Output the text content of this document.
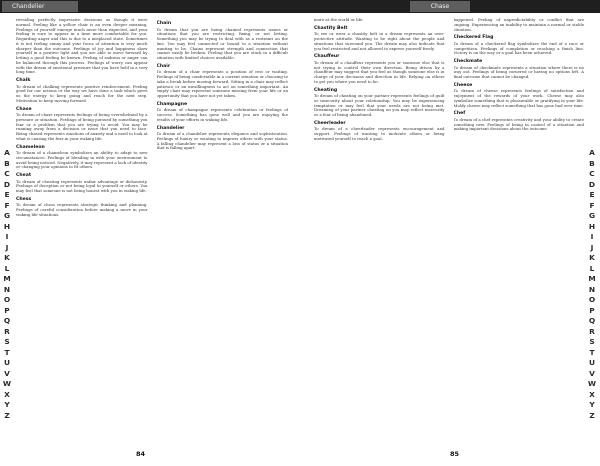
Chandelier

revealing perfectly impressive decisions as though it were normal. Feeling like a yellow chair is an even deeper meaning. Feelings of yourself emerge much more than expected, and your feeling is sure to appear in a time more comfortable for you. Regarding anger and this is due to a misplaced state. Sometimes it is not feeling sunny and your focus of attention is very much sharper than the outcome. Feelings of joy and happiness show yourself in a positive light and you are able to move forward by letting a good feeling be known. Feeling of sadness or anger can be balanced through this process. Feelings of worry can appear with the dream of emotional pressure that you have held in a very long time.

Chalk

To dream of chalking represents positive reinforcement. Feeling good for our actions or the way we have done a task which gives us the energy to keep going and reach for the next step. Motivation to keep moving forward.

Chase

To dream of chase represents feelings of being overwhelmed by a pressure or situation. Feelings of being pursued by something you fear or a problem that you are trying to avoid. You may be running away from a decision or issue that you need to face. Being chased represents emotions of anxiety and a need to look at what is causing the fear in your waking life.

Chameleon

To dream of a chameleon symbolizes an ability to adapt to new circumstances. Feelings of blending in with your environment to avoid being noticed. Negatively, it may represent a lack of identity or changing your opinions to fit others.

Cheat

To dream of cheating represents unfair advantage or dishonesty. Feelings of deception or not being loyal to yourself or others. You may feel that someone is not being honest with you in waking life.

Chess

To dream of chess represents strategic thinking and planning. Feelings of careful consideration before making a move in your waking life situations.

Chain

To dream that you are being chained represents issues or situations that you are restricting, fixing, or not letting. Something you may be trying to deal with as a restraint on the line. You may feel connected or bound to a situation without wanting to be. Chains represent strength and connection that cannot easily be broken. Feeling that you are stuck in a difficult situation with limited choices available.

Chair

To dream of a chair represents a position of rest or waiting. Feelings of being comfortable in a current situation or choosing to take a break before moving forward. Sitting in a chair may reflect patience or an unwillingness to act on something important. An empty chair may represent someone missing from your life or an opportunity that you have not yet taken.

Champagne

To dream of champagne represents celebration or feelings of success. Something has gone well and you are enjoying the results of your efforts in waking life.

Chandelier

To dream of a chandelier represents elegance and sophistication. Feelings of luxury or wanting to impress others with your status. A falling chandelier may represent a loss of status or a situation that is falling apart.

A
B
C
D
E
F
G
H
I
J
K
L
M
N
O
P
Q
R
S
T
U
V
W
X
Y
Z
84
Chase

more at the world or life.

Chastity Belt

To see or wear a chastity belt in a dream represents an over-protective attitude. Wanting to be right about the people and situations that surround you. The dream may also indicate that you feel restricted and not allowed to express yourself freely.

Chauffeur

To dream of a chauffeur represents you or someone else that is not trying to control their own direction. Being driven by a chauffeur may suggest that you feel as though someone else is in charge of your decisions and direction in life. Relying on others to get you where you need to be.

Cheating

To dream of cheating on your partner represents feelings of guilt or insecurity about your relationship. You may be experiencing temptation or may feel that your needs are not being met. Dreaming of your partner cheating on you may reflect insecurity or a fear of being abandoned.

Cheerleader

To dream of a cheerleader represents encouragement and support. Feelings of wanting to motivate others or being motivated yourself to reach a goal.

happened. Feeling of unpredictability or conflict that are ongoing. Experiencing an inability to maintain a normal or stable situation.

Checkered Flag

To dream of a checkered flag symbolizes the end of a race or competition. Feelings of completion or reaching a finish line. Victory is on the way or a goal has been achieved.

Checkmate

To dream of checkmate represents a situation where there is no way out. Feelings of being cornered or having no options left. A final outcome that cannot be changed.

Cheese

To dream of cheese represents feelings of satisfaction and enjoyment of the rewards of your work. Cheese may also symbolize something that is pleasurable or gratifying in your life. Moldy cheese may reflect something that has gone bad over time.

Chef

To dream of a chef represents creativity and your ability to create something new. Feelings of being in control of a situation and making important decisions about the outcome.

A
B
C
D
E
F
G
H
I
J
K
L
M
N
O
P
Q
R
S
T
U
V
W
X
Y
Z
85
